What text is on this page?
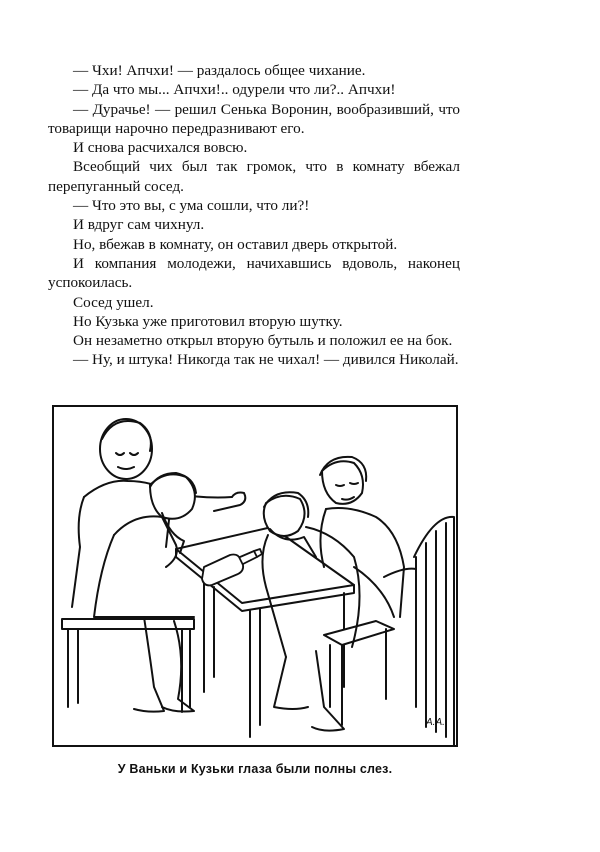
— Чхи! Апчхи! — раздалось общее чихание.

— Да что мы... Апчхи!.. одурели что ли?.. Апчхи!

— Дурачье! — решил Сенька Воронин, вообразивший, что товарищи нарочно передразнивают его.

И снова расчихался вовсю.

Всеобщий чих был так громок, что в комнату вбежал перепуганный сосед.

— Что это вы, с ума сошли, что ли?!

И вдруг сам чихнул.

Но, вбежав в комнату, он оставил дверь открытой.

И компания молодежи, начихавшись вдоволь, наконец успокоилась.

Сосед ушел.

Но Кузька уже приготовил вторую шутку.

Он незаметно открыл вторую бутыль и положил ее на бок.

— Ну, и штука! Никогда так не чихал! — дивился Николай.

А.А.
У Ваньки и Кузьки глаза были полны слез.
